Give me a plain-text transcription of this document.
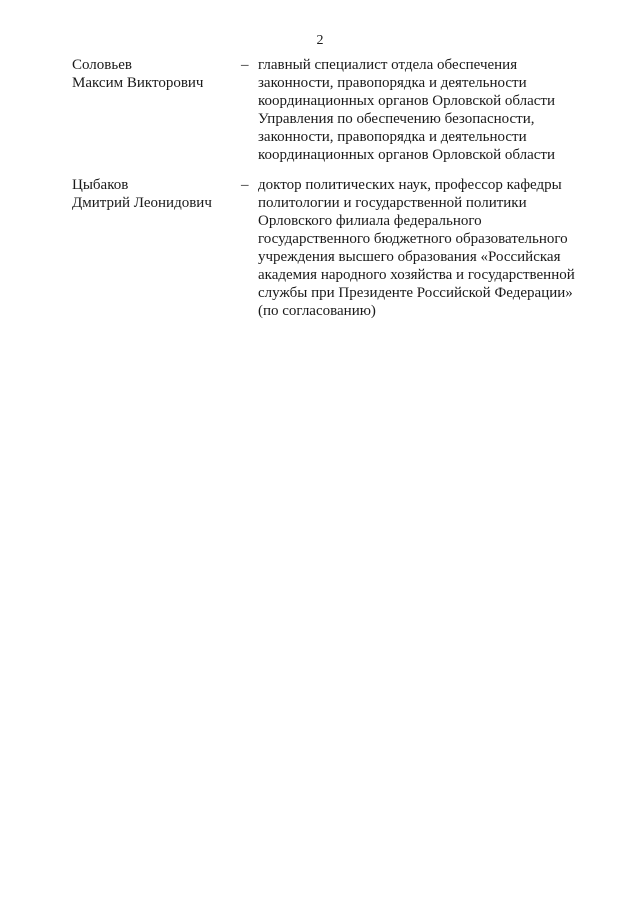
2
Соловьев
Максим Викторович
– главный специалист отдела обеспечения
законности, правопорядка и деятельности
координационных органов Орловской области
Управления по обеспечению безопасности,
законности, правопорядка и деятельности
координационных органов Орловской области
Цыбаков
Дмитрий Леонидович
– доктор политических наук, профессор кафедры
политологии и государственной политики
Орловского филиала федерального
государственного бюджетного образовательного
учреждения высшего образования «Российская
академия народного хозяйства и государственной
службы при Президенте Российской Федерации»
(по согласованию)
